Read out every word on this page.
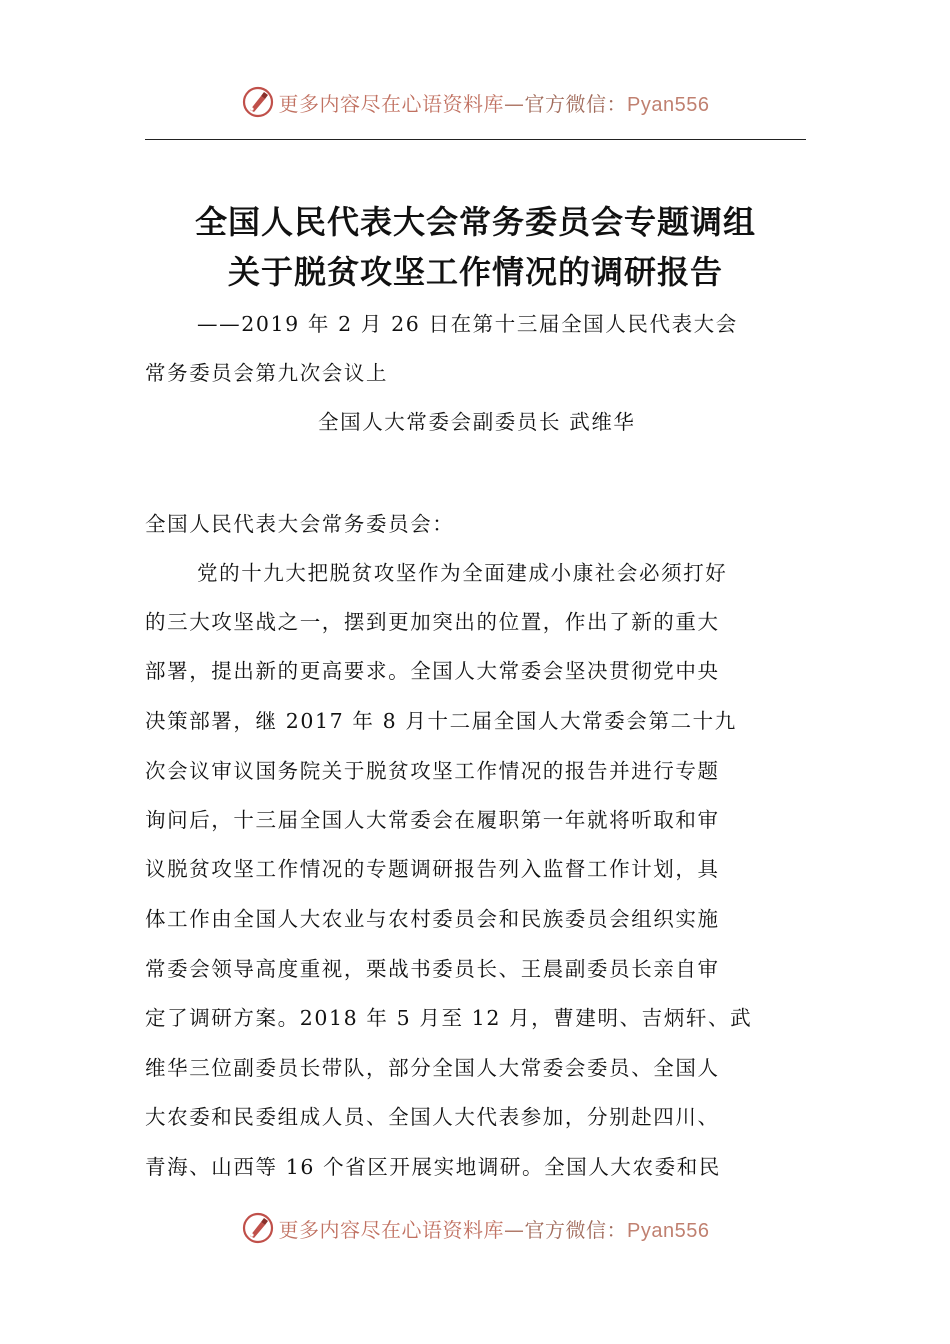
更多内容尽在心语资料库—官方微信：Pyan556
全国人民代表大会常务委员会专题调组
关于脱贫攻坚工作情况的调研报告
——2019 年 2 月 26 日在第十三届全国人民代表大会
常务委员会第九次会议上
全国人大常委会副委员长 武维华
全国人民代表大会常务委员会：
党的十九大把脱贫攻坚作为全面建成小康社会必须打好
的三大攻坚战之一，摆到更加突出的位置，作出了新的重大
部署，提出新的更高要求。全国人大常委会坚决贯彻党中央
决策部署，继 2017 年 8 月十二届全国人大常委会第二十九
次会议审议国务院关于脱贫攻坚工作情况的报告并进行专题
询问后，十三届全国人大常委会在履职第一年就将听取和审
议脱贫攻坚工作情况的专题调研报告列入监督工作计划，具
体工作由全国人大农业与农村委员会和民族委员会组织实施
常委会领导高度重视，栗战书委员长、王晨副委员长亲自审
定了调研方案。2018 年 5 月至 12 月，曹建明、吉炳轩、武
维华三位副委员长带队，部分全国人大常委会委员、全国人
大农委和民委组成人员、全国人大代表参加，分别赴四川、
青海、山西等 16 个省区开展实地调研。全国人大农委和民
更多内容尽在心语资料库—官方微信：Pyan556
